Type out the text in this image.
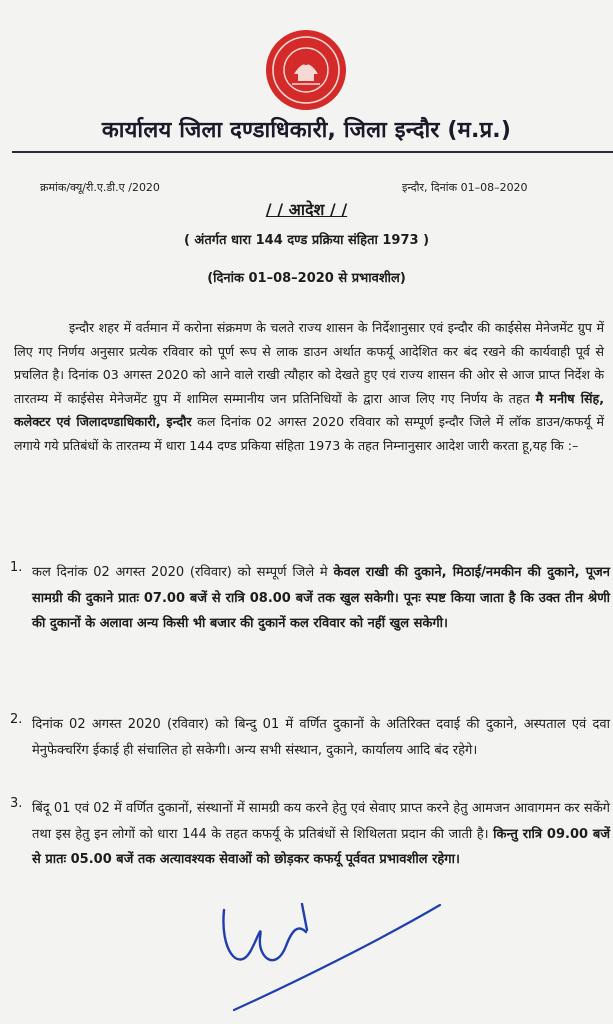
कार्यालय जिला दण्डाधिकारी, जिला इन्दौर (म.प्र.)
क्रमांक/क्यू/री.ए.डी.ए /2020	इन्दौर, दिनांक 01–08–2020
/ / आदेश / /
( अंतर्गत धारा 144 दण्ड प्रक्रिया संहिता 1973 )
(दिनांक 01–08–2020 से प्रभावशील)
इन्दौर शहर में वर्तमान में करोना संक्रमण के चलते राज्य शासन के निर्देशानुसार एवं इन्दौर की काईसेस मेनेजमेंट ग्रुप में लिए गए निर्णय अनुसार प्रत्येक रविवार को पूर्ण रूप से लाक डाउन अर्थात कफर्यू आदेशित कर बंद रखने की कार्यवाही पूर्व से प्रचलित है। दिनांक 03 अगस्त 2020 को आने वाले राखी त्यौहार को देखते हुए एवं राज्य शासन की ओर से आज प्राप्त निर्देश के तारतम्य में काईसेस मेनेजमेंट ग्रुप में शामिल सम्मानीय जन प्रतिनिधियों के द्वारा आज लिए गए निर्णय के तहत मै मनीष सिंह, कलेक्टर एवं जिलादण्डाधिकारी, इन्दौर कल दिनांक 02 अगस्त 2020 रविवार को सम्पूर्ण इन्दौर जिले में लॉक डाउन/कफर्यू में लगाये गये प्रतिबंधों के तारतम्य में धारा 144 दण्ड प्रकिया संहिता 1973 के तहत निम्नानुसार आदेश जारी करता हू,यह कि :–
1. कल दिनांक 02 अगस्त 2020 (रविवार) को सम्पूर्ण जिले मे केवल राखी की दुकाने, मिठाई/नमकीन की दुकाने, पूजन सामग्री की दुकाने प्रातः 07.00 बजें से रात्रि 08.00 बजें तक खुल सकेगी। पूनः स्पष्ट किया जाता है कि उक्त तीन श्रेणी की दुकानों के अलावा अन्य किसी भी बजार की दुकानें कल रविवार को नहीं खुल सकेगी।
2. दिनांक 02 अगस्त 2020 (रविवार) को बिन्दु 01 में वर्णित दुकानों के अतिरिक्त दवाई की दुकाने, अस्पताल एवं दवा मेनुफेक्चरिंग ईकाई ही संचालित हो सकेगी। अन्य सभी संस्थान, दुकाने, कार्यालय आदि बंद रहेगे।
3. बिंदू 01 एवं 02 में वर्णित दुकानों, संस्थानों में सामग्री कय करने हेतु एवं सेवाए प्राप्त करने हेतु आमजन आवागमन कर सकेंगे तथा इस हेतु इन लोगों को धारा 144 के तहत कफर्यू के प्रतिबंधों से शिथिलता प्रदान की जाती है। किन्तु रात्रि 09.00 बजें से प्रातः 05.00 बजें तक अत्यावश्यक सेवाओं को छोड़कर कफर्यू पूर्ववत प्रभावशील रहेगा।
